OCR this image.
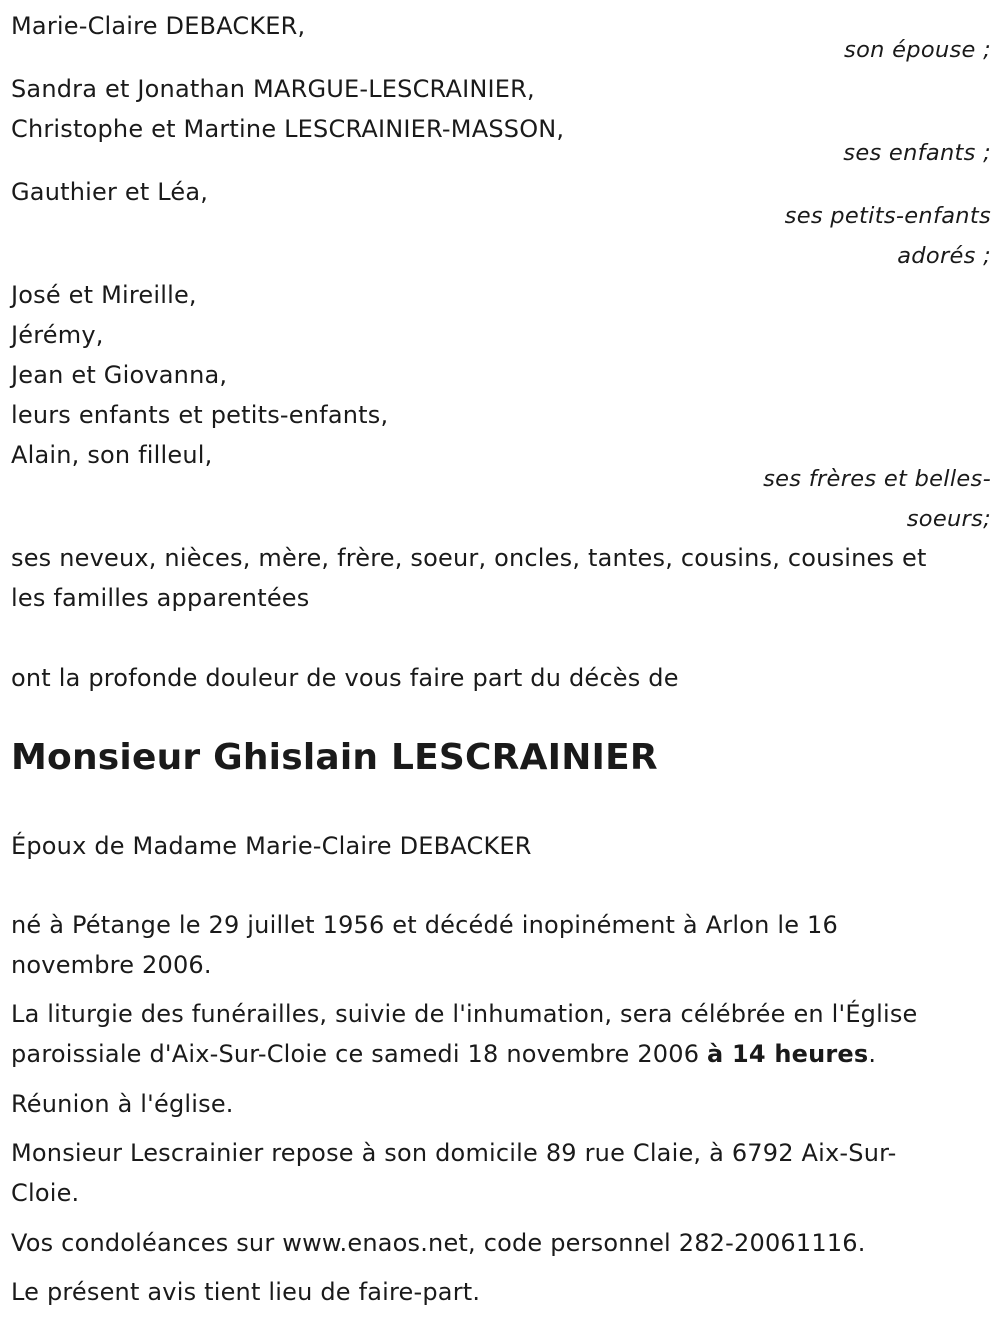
Marie-Claire DEBACKER,
son épouse ;
Sandra et Jonathan MARGUE-LESCRAINIER,
Christophe et Martine LESCRAINIER-MASSON,
ses enfants ;
Gauthier et Léa,
ses petits-enfants
adorés ;
José et Mireille,
Jérémy,
Jean et Giovanna,
leurs enfants et petits-enfants,
Alain, son filleul,
ses frères et belles-
soeurs;
ses neveux, nièces, mère, frère, soeur, oncles, tantes, cousins, cousines et
les familles apparentées
ont la profonde douleur de vous faire part du décès de
Monsieur Ghislain LESCRAINIER
Époux de Madame Marie-Claire DEBACKER
né à Pétange le 29 juillet 1956 et décédé inopinément à Arlon le 16
novembre 2006.
La liturgie des funérailles, suivie de l'inhumation, sera célébrée en l'Église
paroissiale d'Aix-Sur-Cloie ce samedi 18 novembre 2006 à 14 heures.
Réunion à l'église.
Monsieur Lescrainier repose à son domicile 89 rue Claie, à 6792 Aix-Sur-
Cloie.
Vos condoléances sur www.enaos.net, code personnel 282-20061116.
Le présent avis tient lieu de faire-part.
